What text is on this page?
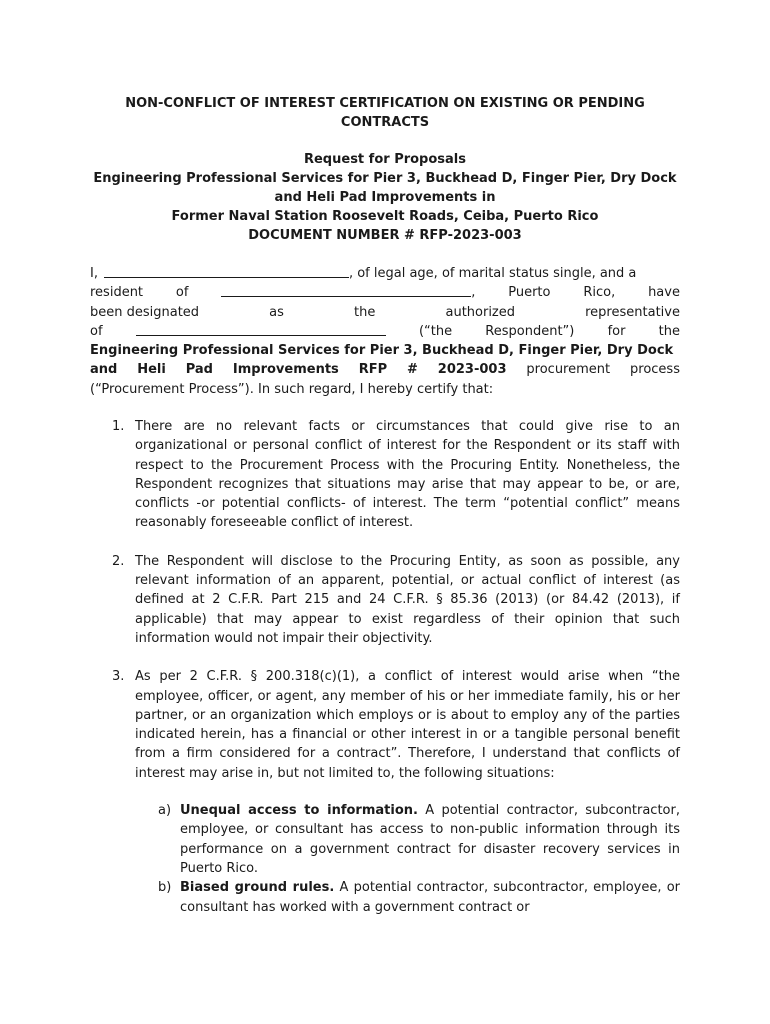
NON-CONFLICT OF INTEREST CERTIFICATION ON EXISTING OR PENDING
CONTRACTS
Request for Proposals
Engineering Professional Services for Pier 3, Buckhead D, Finger Pier, Dry Dock
and Heli Pad Improvements in
Former Naval Station Roosevelt Roads, Ceiba, Puerto Rico
DOCUMENT NUMBER # RFP-2023-003
I,	, of legal age, of marital status single, and a
resident	of	,	Puerto	Rico,	have
been designated	as	the	authorized	representative
of	(“the	Respondent”)	for	the
Engineering Professional Services for Pier 3, Buckhead D, Finger Pier, Dry Dock
and Heli Pad Improvements RFP # 2023-003 procurement process
(“Procurement Process”). In such regard, I hereby certify that:
1. There are no relevant facts or circumstances that could give rise to an organizational or personal conflict of interest for the Respondent or its staff with respect to the Procurement Process with the Procuring Entity. Nonetheless, the Respondent recognizes that situations may arise that may appear to be, or are, conflicts -or potential conflicts- of interest. The term “potential conflict” means reasonably foreseeable conflict of interest.
2. The Respondent will disclose to the Procuring Entity, as soon as possible, any relevant information of an apparent, potential, or actual conflict of interest (as defined at 2 C.F.R. Part 215 and 24 C.F.R. § 85.36 (2013) (or 84.42 (2013), if applicable) that may appear to exist regardless of their opinion that such information would not impair their objectivity.
3. As per 2 C.F.R. § 200.318(c)(1), a conflict of interest would arise when “the employee, officer, or agent, any member of his or her immediate family, his or her partner, or an organization which employs or is about to employ any of the parties indicated herein, has a financial or other interest in or a tangible personal benefit from a firm considered for a contract”. Therefore, I understand that conflicts of interest may arise in, but not limited to, the following situations:
a) Unequal access to information. A potential contractor, subcontractor, employee, or consultant has access to non-public information through its performance on a government contract for disaster recovery services in Puerto Rico.
b) Biased ground rules. A potential contractor, subcontractor, employee, or consultant has worked with a government contract or
